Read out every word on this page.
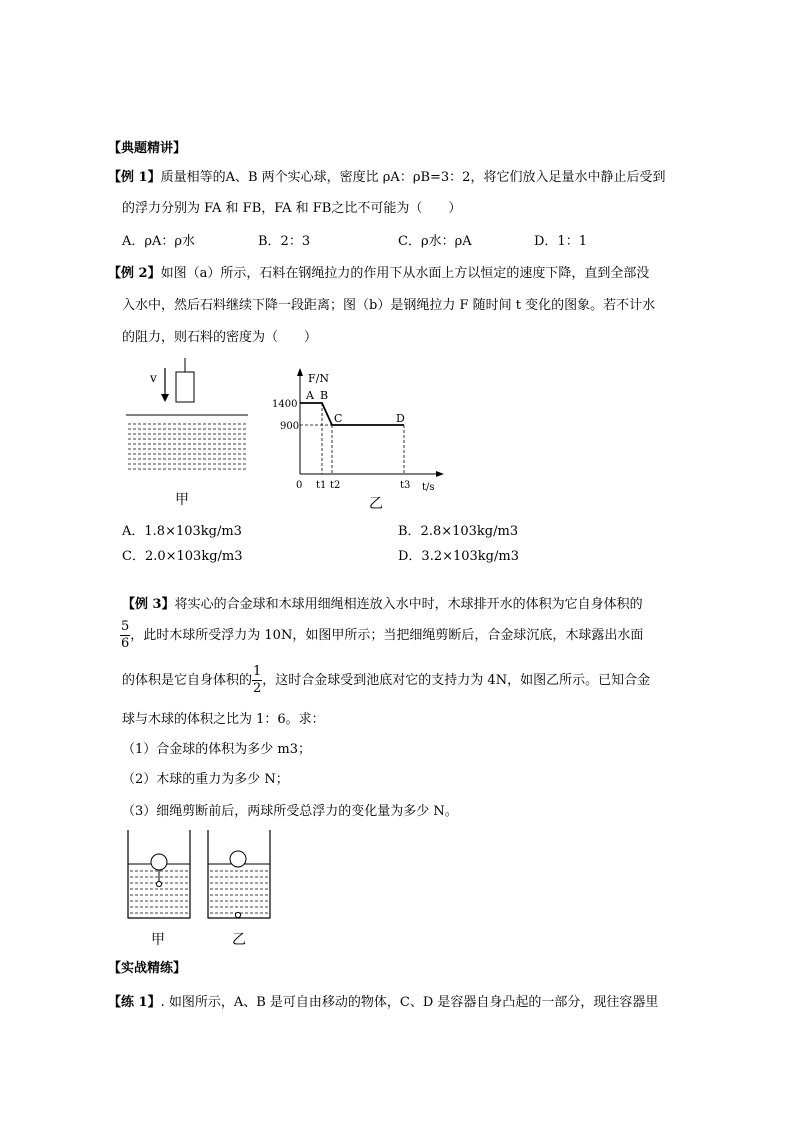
【典题精讲】
【例 1】质量相等的A、B 两个实心球，密度比 ρA：ρB=3：2，将它们放入足量水中静止后受到
的浮力分别为 FA 和 FB，FA 和 FB之比不可能为（　　）
A．ρA：ρ水	B．2：3	C．ρ水：ρA	D．1：1
【例 2】如图（a）所示，石料在钢绳拉力的作用下从水面上方以恒定的速度下降，直到全部没
入水中，然后石料继续下降一段距离；图（b）是钢绳拉力 F 随时间 t 变化的图象。若不计水
的阻力，则石料的密度为（　　）
v
甲
F/N
t/s
0
1400
900
A B
C	D
t1 t2	t3
乙
A．1.8×103kg/m3	B．2.8×103kg/m3
C．2.0×103kg/m3	D．3.2×103kg/m3
【例 3】将实心的合金球和木球用细绳相连放入水中时，木球排开水的体积为它自身体积的
$\frac{5}{6}$ ，此时木球所受浮力为 10N，如图甲所示；当把细绳剪断后，合金球沉底，木球露出水面
的体积是它自身体积的 $\frac{1}{2}$ ，这时合金球受到池底对它的支持力为 4N，如图乙所示。已知合金
球与木球的体积之比为 1：6。求：
（1）合金球的体积为多少 m3；
（2）木球的重力为多少 N；
（3）细绳剪断前后，两球所受总浮力的变化量为多少 N。
甲	乙
【实战精练】
【练 1】. 如图所示，A、B 是可自由移动的物体，C、D 是容器自身凸起的一部分，现往容器里
